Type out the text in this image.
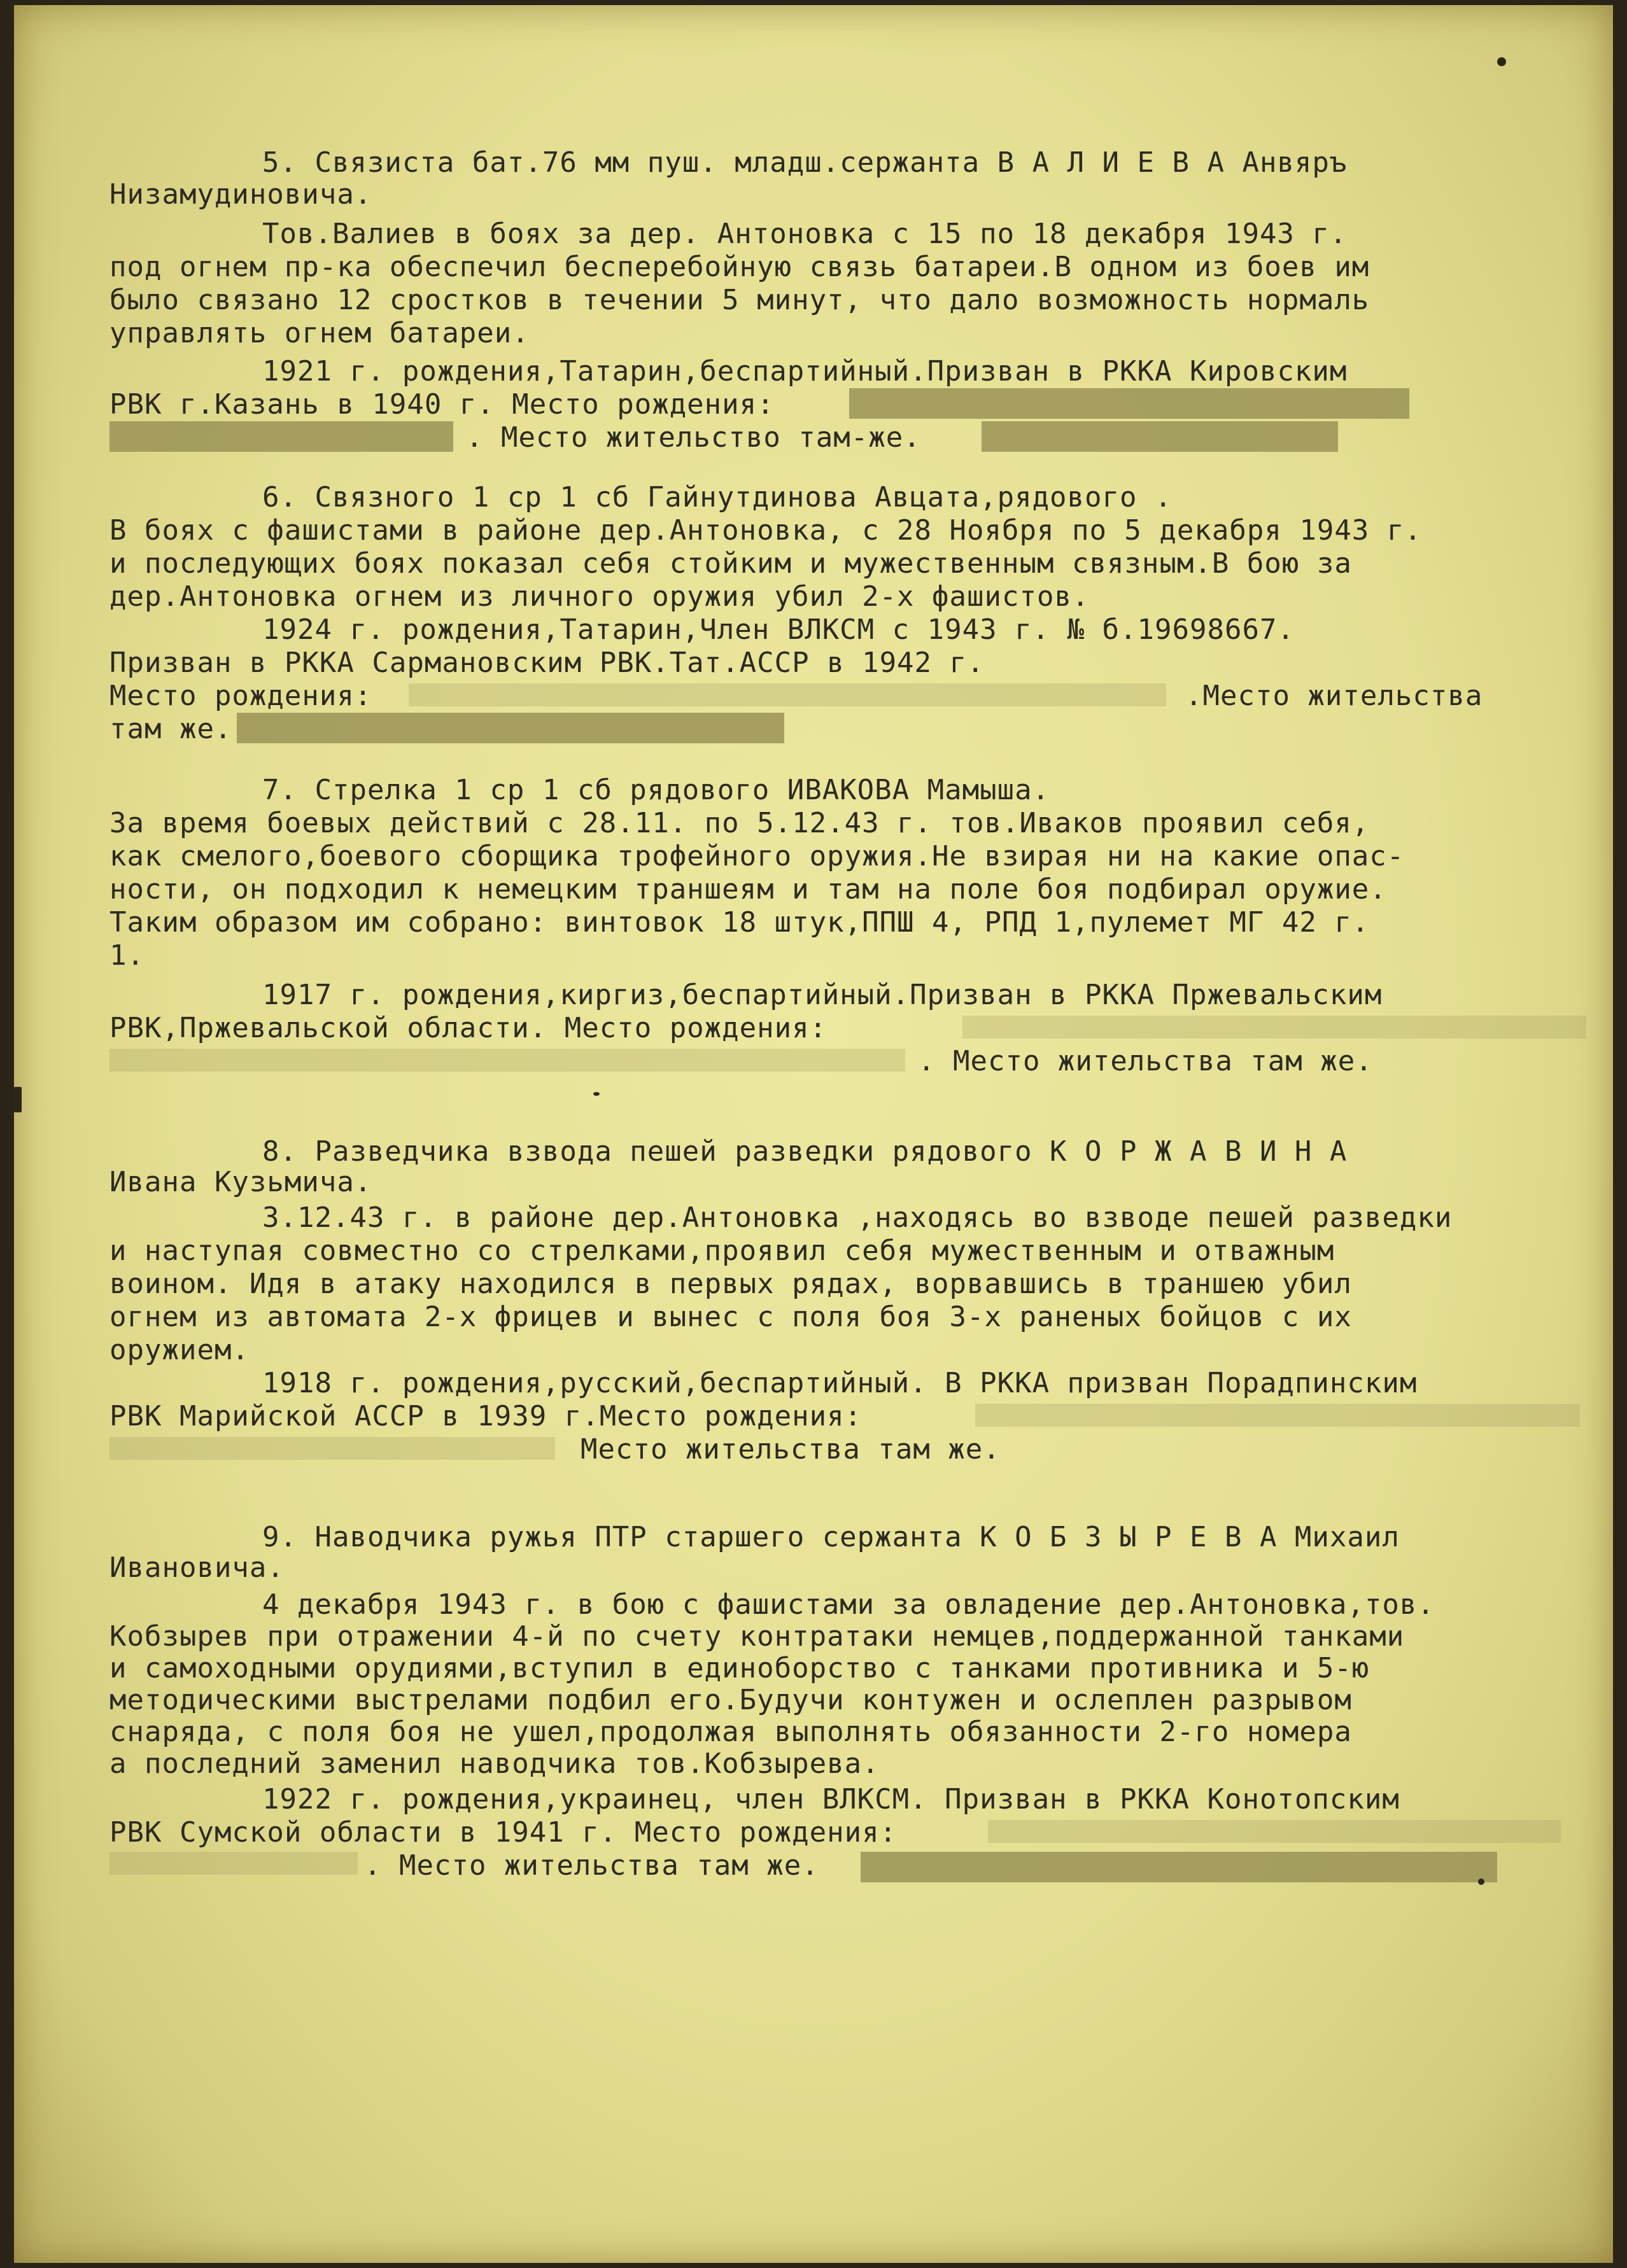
5. Связиста бат.76 мм пуш. младш.сержанта В А Л И Е В А Анвяръ
Низамудиновича.
Тов.Валиев в боях за дер. Антоновка с 15 по 18 декабря 1943 г.
под огнем пр-ка обеспечил бесперебойную связь батареи.В одном из боев им
было связано 12 сростков в течении 5 минут, что дало возможность нормаль
управлять огнем батареи.
1921 г. рождения,Татарин,беспартийный.Призван в РККА Кировским
РВК г.Казань в 1940 г. Место рождения:
. Место жительство там-же.
6. Связного 1 ср 1 сб Гайнутдинова Авцата,рядового .
В боях с фашистами в районе дер.Антоновка, с 28 Ноября по 5 декабря 1943 г.
и последующих боях показал себя стойким и мужественным связным.В бою за
дер.Антоновка огнем из личного оружия убил 2-х фашистов.
1924 г. рождения,Татарин,Член ВЛКСМ с 1943 г. № б.19698667.
Призван в РККА Сармановским РВК.Тат.АССР в 1942 г.
Место рождения:	.Место жительства
там же.
7. Стрелка 1 ср 1 сб рядового ИВАКОВА Мамыша.
За время боевых действий с 28.11. по 5.12.43 г. тов.Иваков проявил себя,
как смелого,боевого сборщика трофейного оружия.Не взирая ни на какие опас-
ности, он подходил к немецким траншеям и там на поле боя подбирал оружие.
Таким образом им собрано: винтовок 18 штук,ППШ 4, РПД 1,пулемет МГ 42 г.
1.
1917 г. рождения,киргиз,беспартийный.Призван в РККА Пржевальским
РВК,Пржевальской области. Место рождения:
. Место жительства там же.
8. Разведчика взвода пешей разведки рядового К О Р Ж А В И Н А
Ивана Кузьмича.
3.12.43 г. в районе дер.Антоновка ,находясь во взводе пешей разведки
и наступая совместно со стрелками,проявил себя мужественным и отважным
воином. Идя в атаку находился в первых рядах, ворвавшись в траншею убил
огнем из автомата 2-х фрицев и вынес с поля боя 3-х раненых бойцов с их
оружием.
1918 г. рождения,русский,беспартийный. В РККА призван Порадпинским
РВК Марийской АССР в 1939 г.Место рождения:
Место жительства там же.
9. Наводчика ружья ПТР старшего сержанта К О Б З Ы Р Е В А Михаил
Ивановича.
4 декабря 1943 г. в бою с фашистами за овладение дер.Антоновка,тов.
Кобзырев при отражении 4-й по счету контратаки немцев,поддержанной танками
и самоходными орудиями,вступил в единоборство с танками противника и 5-ю
методическими выстрелами подбил его.Будучи контужен и ослеплен разрывом
снаряда, с поля боя не ушел,продолжая выполнять обязанности 2-го номера
а последний заменил наводчика тов.Кобзырева.
1922 г. рождения,украинец, член ВЛКСМ. Призван в РККА Конотопским
РВК Сумской области в 1941 г. Место рождения:
. Место жительства там же.
